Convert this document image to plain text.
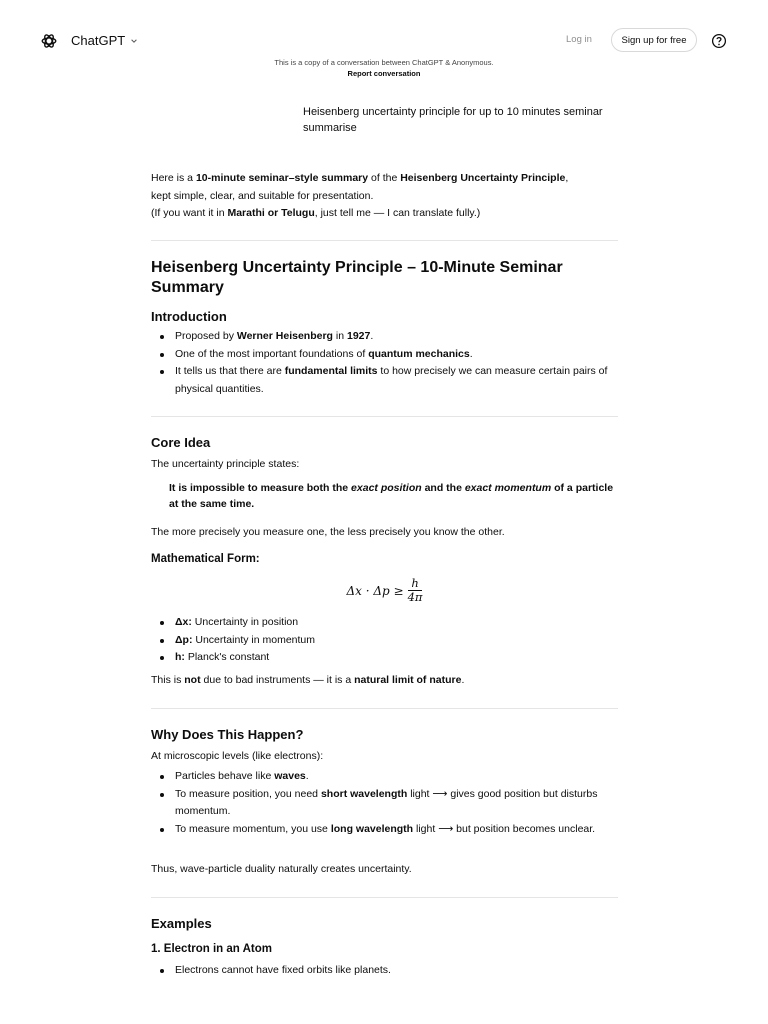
ChatGPT	Log in	Sign up for free
This is a copy of a conversation between ChatGPT & Anonymous.
Report conversation
Heisenberg uncertainty principle for up to 10 minutes seminar summarise

Here is a 10-minute seminar–style summary of the Heisenberg Uncertainty Principle,
kept simple, clear, and suitable for presentation.
(If you want it in Marathi or Telugu, just tell me — I can translate fully.)

Heisenberg Uncertainty Principle – 10-Minute Seminar Summary
Introduction
Proposed by Werner Heisenberg in 1927.
One of the most important foundations of quantum mechanics.
It tells us that there are fundamental limits to how precisely we can measure certain pairs of physical quantities.
Core Idea

The uncertainty principle states:

It is impossible to measure both the exact position and the exact momentum of a particle at the same time.

The more precisely you measure one, the less precisely you know the other.

Mathematical Form:
$\Delta x \cdot \Delta p \ge \frac{h}{4\pi}$
Δx: Uncertainty in position
Δp: Uncertainty in momentum
h: Planck's constant

This is not due to bad instruments — it is a natural limit of nature.

Why Does This Happen?

At microscopic levels (like electrons):

Particles behave like waves.
To measure position, you need short wavelength light ⟶ gives good position but disturbs momentum.
To measure momentum, you use long wavelength light ⟶ but position becomes unclear.

Thus, wave-particle duality naturally creates uncertainty.

Examples
1. Electron in an Atom
Electrons cannot have fixed orbits like planets.
